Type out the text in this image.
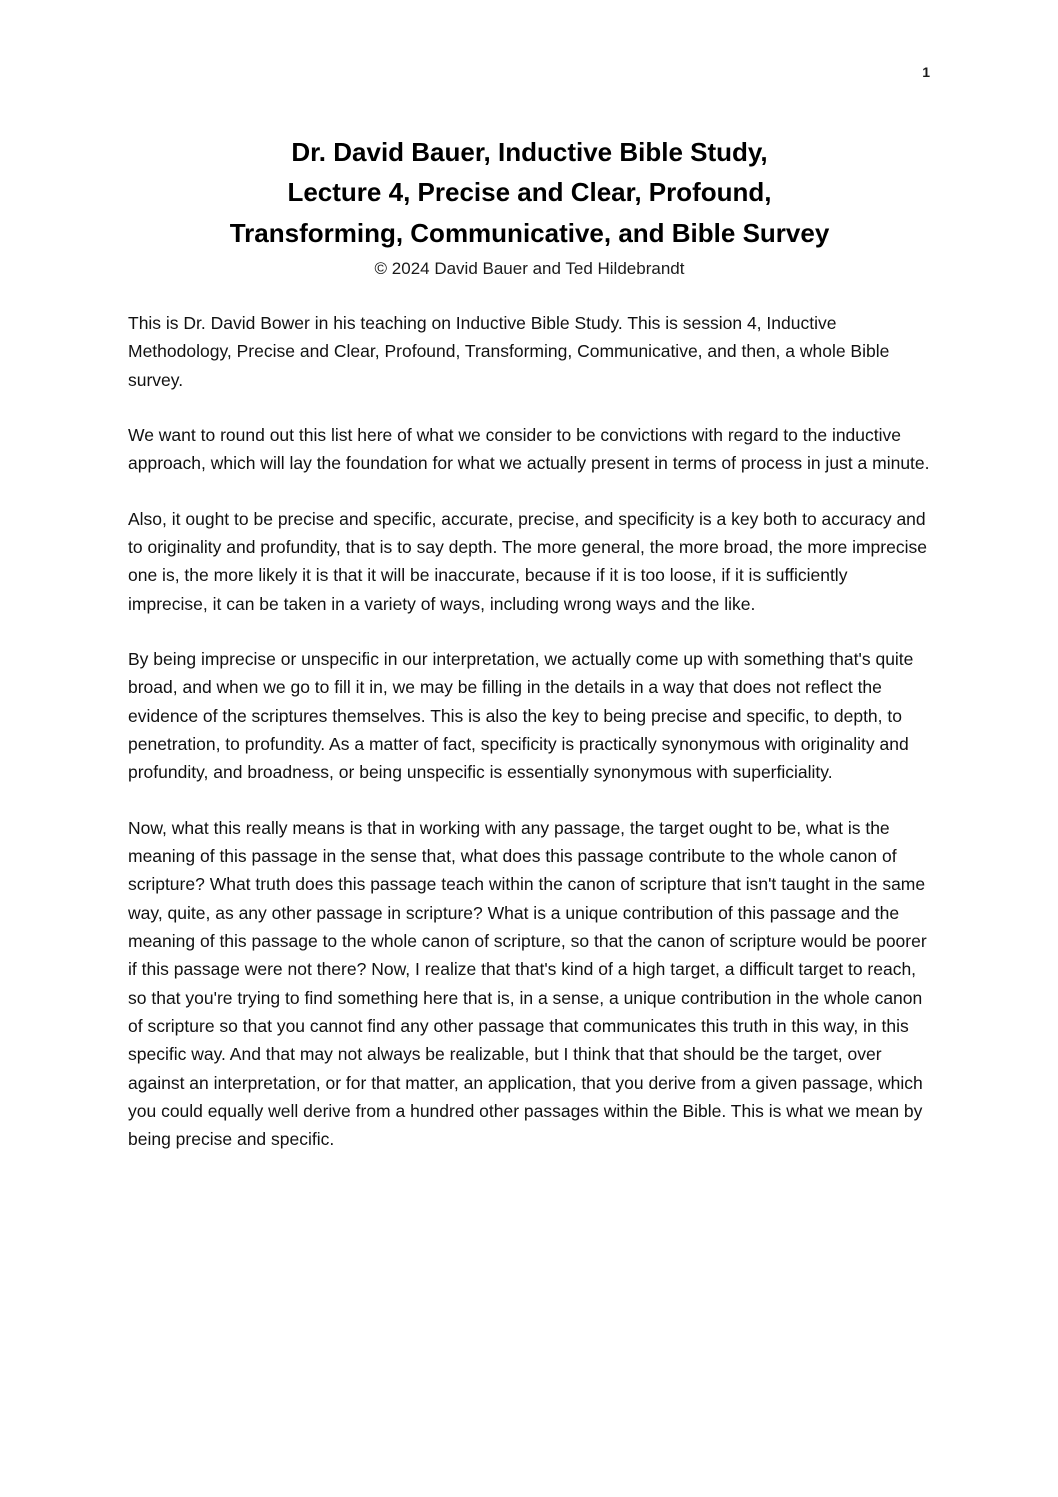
1
Dr. David Bauer, Inductive Bible Study,
Lecture 4, Precise and Clear, Profound,
Transforming, Communicative, and Bible Survey
© 2024 David Bauer and Ted Hildebrandt

This is Dr. David Bower in his teaching on Inductive Bible Study. This is session 4, Inductive Methodology, Precise and Clear, Profound, Transforming, Communicative, and then, a whole Bible survey.

We want to round out this list here of what we consider to be convictions with regard to the inductive approach, which will lay the foundation for what we actually present in terms of process in just a minute.

Also, it ought to be precise and specific, accurate, precise, and specificity is a key both to accuracy and to originality and profundity, that is to say depth. The more general, the more broad, the more imprecise one is, the more likely it is that it will be inaccurate, because if it is too loose, if it is sufficiently imprecise, it can be taken in a variety of ways, including wrong ways and the like.

By being imprecise or unspecific in our interpretation, we actually come up with something that's quite broad, and when we go to fill it in, we may be filling in the details in a way that does not reflect the evidence of the scriptures themselves. This is also the key to being precise and specific, to depth, to penetration, to profundity. As a matter of fact, specificity is practically synonymous with originality and profundity, and broadness, or being unspecific is essentially synonymous with superficiality.

Now, what this really means is that in working with any passage, the target ought to be, what is the meaning of this passage in the sense that, what does this passage contribute to the whole canon of scripture? What truth does this passage teach within the canon of scripture that isn't taught in the same way, quite, as any other passage in scripture? What is a unique contribution of this passage and the meaning of this passage to the whole canon of scripture, so that the canon of scripture would be poorer if this passage were not there? Now, I realize that that's kind of a high target, a difficult target to reach, so that you're trying to find something here that is, in a sense, a unique contribution in the whole canon of scripture so that you cannot find any other passage that communicates this truth in this way, in this specific way. And that may not always be realizable, but I think that that should be the target, over against an interpretation, or for that matter, an application, that you derive from a given passage, which you could equally well derive from a hundred other passages within the Bible. This is what we mean by being precise and specific.
